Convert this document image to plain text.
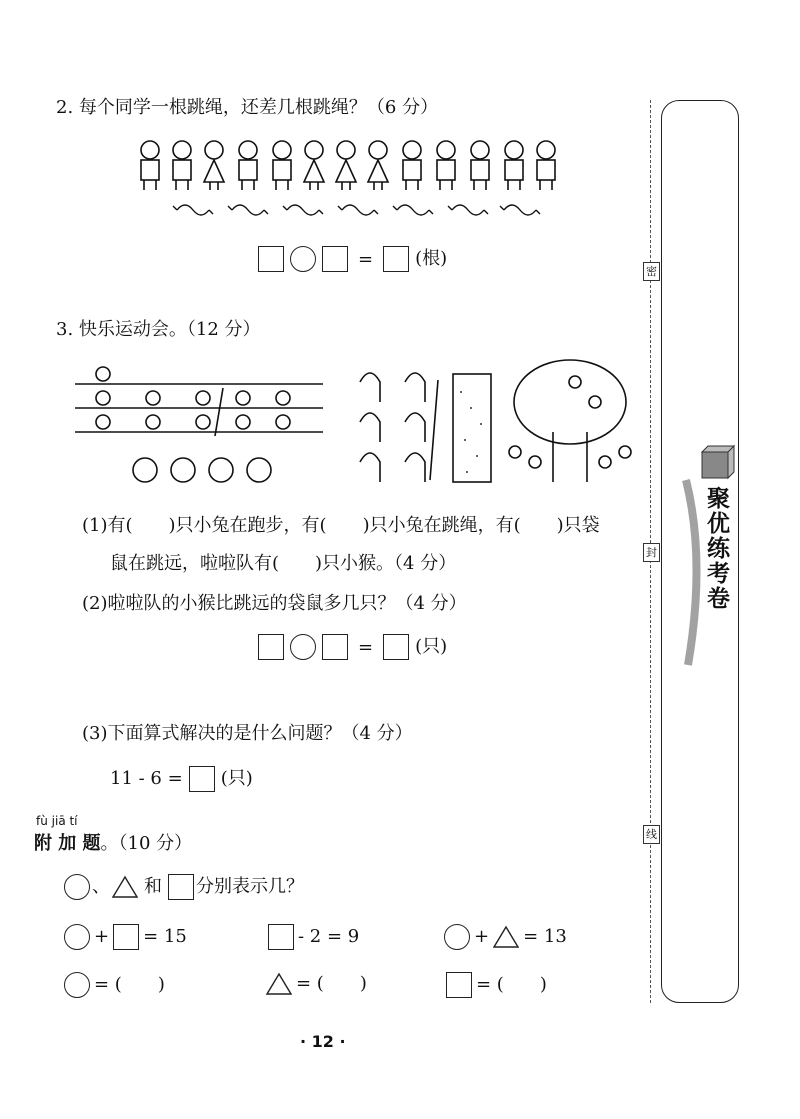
密
封
线
聚优练考卷
2. 每个同学一根跳绳，还差几根跳绳？（6 分）
= (根)
3. 快乐运动会。（12 分）
(1)有(　　)只小兔在跑步，有(　　)只小兔在跳绳，有(　　)只袋
鼠在跳远，啦啦队有(　　)只小猴。（4 分）
(2)啦啦队的小猴比跳远的袋鼠多几只？（4 分）
= (只)
(3)下面算式解决的是什么问题？（4 分）
11 - 6 = (只)
fù jiā tí
附 加 题。（10 分）
、 和 分别表示几？
+ = 15	- 2 = 9	+ = 13
= (　　)	= (　　)	= (　　)
· 12 ·
